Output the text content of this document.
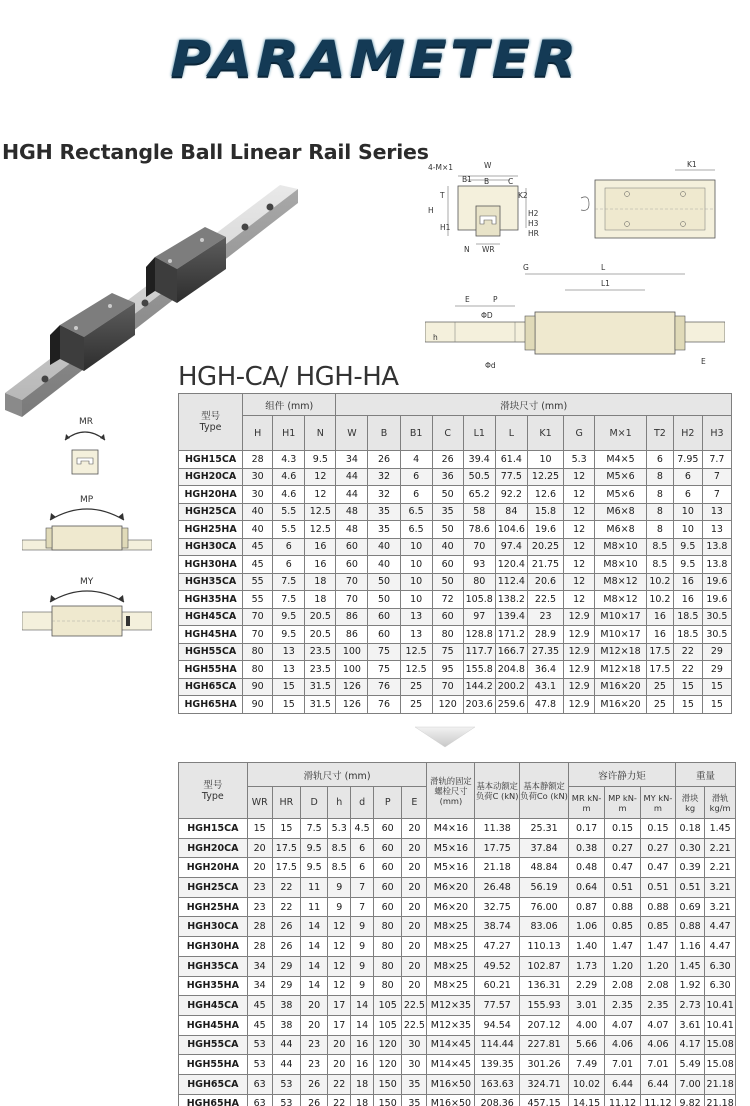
PARAMETER
HGH Rectangle Ball Linear Rail Series
4-M×1	W
B1 B	C
K2
T
H	H2
H1
N WR
HR
H3
K1
G	L
L1
E	P
ΦD
h
Φd	E
MR
MP
MY
HGH-CA/ HGH-HA
型号
Type	组件 (mm)			滑块尺寸 (mm)											
	H	H1	N	W	B	B1	C	L1	L	K1	G	M×1	T2	H2	H3
HGH15CA	28	4.3	9.5	34	26	4	26	39.4	61.4	10	5.3	M4×5	6	7.95	7.7
HGH20CA	30	4.6	12	44	32	6	36	50.5	77.5	12.25	12	M5×6	8	6	7
HGH20HA	30	4.6	12	44	32	6	50	65.2	92.2	12.6	12	M5×6	8	6	7
HGH25CA	40	5.5	12.5	48	35	6.5	35	58	84	15.8	12	M6×8	8	10	13
HGH25HA	40	5.5	12.5	48	35	6.5	50	78.6	104.6	19.6	12	M6×8	8	10	13
HGH30CA	45	6	16	60	40	10	40	70	97.4	20.25	12	M8×10	8.5	9.5	13.8
HGH30HA	45	6	16	60	40	10	60	93	120.4	21.75	12	M8×10	8.5	9.5	13.8
HGH35CA	55	7.5	18	70	50	10	50	80	112.4	20.6	12	M8×12	10.2	16	19.6
HGH35HA	55	7.5	18	70	50	10	72	105.8	138.2	22.5	12	M8×12	10.2	16	19.6
HGH45CA	70	9.5	20.5	86	60	13	60	97	139.4	23	12.9	M10×17	16	18.5	30.5
HGH45HA	70	9.5	20.5	86	60	13	80	128.8	171.2	28.9	12.9	M10×17	16	18.5	30.5
HGH55CA	80	13	23.5	100	75	12.5	75	117.7	166.7	27.35	12.9	M12×18	17.5	22	29
HGH55HA	80	13	23.5	100	75	12.5	95	155.8	204.8	36.4	12.9	M12×18	17.5	22	29
HGH65CA	90	15	31.5	126	76	25	70	144.2	200.2	43.1	12.9	M16×20	25	15	15
HGH65HA	90	15	31.5	126	76	25	120	203.6	259.6	47.8	12.9	M16×20	25	15	15
型号
Type	滑轨尺寸 (mm)							滑轨的固定螺栓尺寸(mm)	基本动额定负荷C (kN)	基本静额定负荷Co (kN)	容许静力矩			重量	
	WR	HR	D	h	d	P	E				MR kN-m	MP kN-m	MY kN-m	滑块 kg	滑轨 kg/m
HGH15CA	15	15	7.5	5.3	4.5	60	20	M4×16	11.38	25.31	0.17	0.15	0.15	0.18	1.45
HGH20CA	20	17.5	9.5	8.5	6	60	20	M5×16	17.75	37.84	0.38	0.27	0.27	0.30	2.21
HGH20HA	20	17.5	9.5	8.5	6	60	20	M5×16	21.18	48.84	0.48	0.47	0.47	0.39	2.21
HGH25CA	23	22	11	9	7	60	20	M6×20	26.48	56.19	0.64	0.51	0.51	0.51	3.21
HGH25HA	23	22	11	9	7	60	20	M6×20	32.75	76.00	0.87	0.88	0.88	0.69	3.21
HGH30CA	28	26	14	12	9	80	20	M8×25	38.74	83.06	1.06	0.85	0.85	0.88	4.47
HGH30HA	28	26	14	12	9	80	20	M8×25	47.27	110.13	1.40	1.47	1.47	1.16	4.47
HGH35CA	34	29	14	12	9	80	20	M8×25	49.52	102.87	1.73	1.20	1.20	1.45	6.30
HGH35HA	34	29	14	12	9	80	20	M8×25	60.21	136.31	2.29	2.08	2.08	1.92	6.30
HGH45CA	45	38	20	17	14	105	22.5	M12×35	77.57	155.93	3.01	2.35	2.35	2.73	10.41
HGH45HA	45	38	20	17	14	105	22.5	M12×35	94.54	207.12	4.00	4.07	4.07	3.61	10.41
HGH55CA	53	44	23	20	16	120	30	M14×45	114.44	227.81	5.66	4.06	4.06	4.17	15.08
HGH55HA	53	44	23	20	16	120	30	M14×45	139.35	301.26	7.49	7.01	7.01	5.49	15.08
HGH65CA	63	53	26	22	18	150	35	M16×50	163.63	324.71	10.02	6.44	6.44	7.00	21.18
HGH65HA	63	53	26	22	18	150	35	M16×50	208.36	457.15	14.15	11.12	11.12	9.82	21.18
